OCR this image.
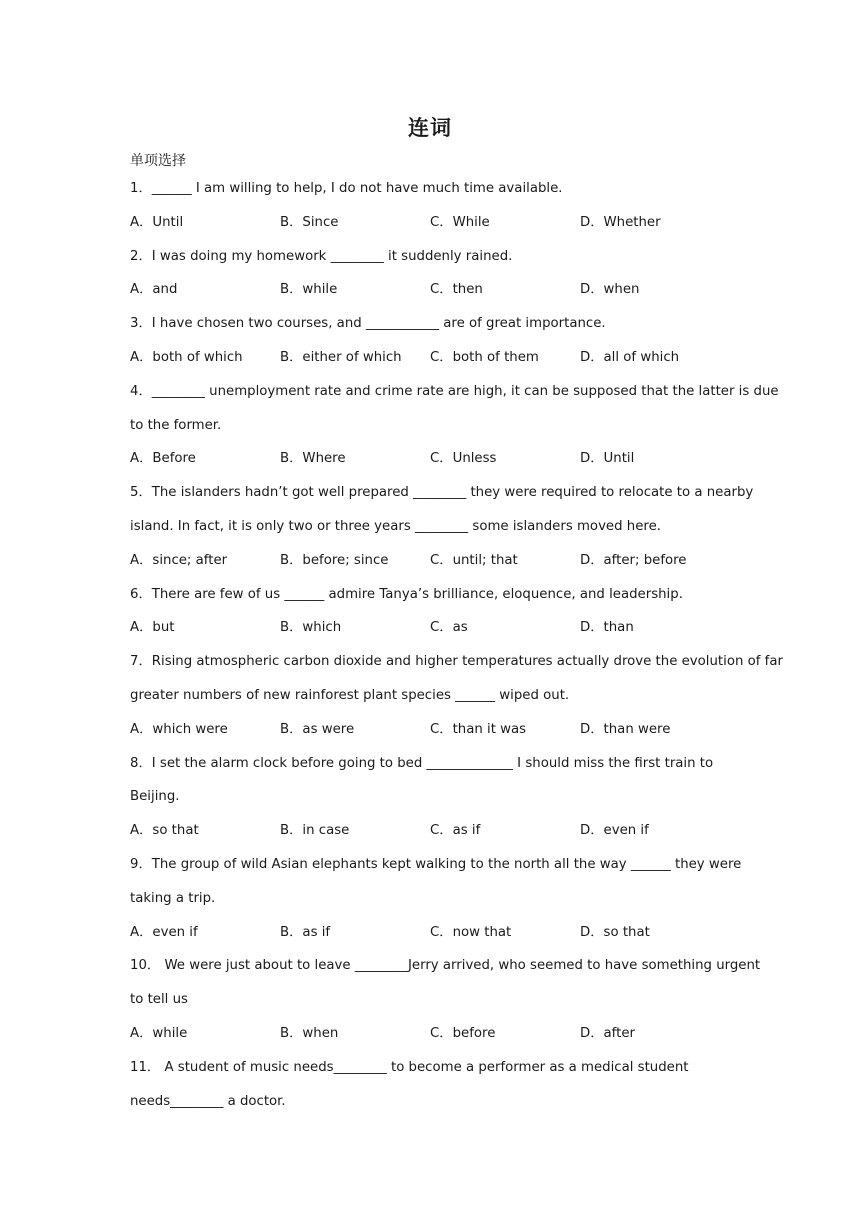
连词
单项选择
1．______ I am willing to help, I do not have much time available.
A．Until	B．Since	C．While	D．Whether
2．I was doing my homework ________ it suddenly rained.
A．and	B．while	C．then	D．when
3．I have chosen two courses, and ___________ are of great importance.
A．both of which	B．either of which C．both of them	D．all of which
4．________ unemployment rate and crime rate are high, it can be supposed that the latter is due
to the former.
A．Before	B．Where	C．Unless	D．Until
5．The islanders hadn’t got well prepared ________ they were required to relocate to a nearby
island. In fact, it is only two or three years ________ some islanders moved here.
A．since; after	B．before; since	C．until; that	D．after; before
6．There are few of us ______ admire Tanya’s brilliance, eloquence, and leadership.
A．but	B．which	C．as	D．than
7．Rising atmospheric carbon dioxide and higher temperatures actually drove the evolution of far
greater numbers of new rainforest plant species ______ wiped out.
A．which were	B．as were	C．than it was	D．than were
8．I set the alarm clock before going to bed _____________ I should miss the first train to
Beijing.
A．so that	B．in case	C．as if	D．even if
9．The group of wild Asian elephants kept walking to the north all the way ______ they were
taking a trip.
A．even if	B．as if	C．now that	D．so that
10． We were just about to leave ________Jerry arrived, who seemed to have something urgent
to tell us
A．while	B．when	C．before	D．after
11． A student of music needs________ to become a performer as a medical student
needs________ a doctor.
